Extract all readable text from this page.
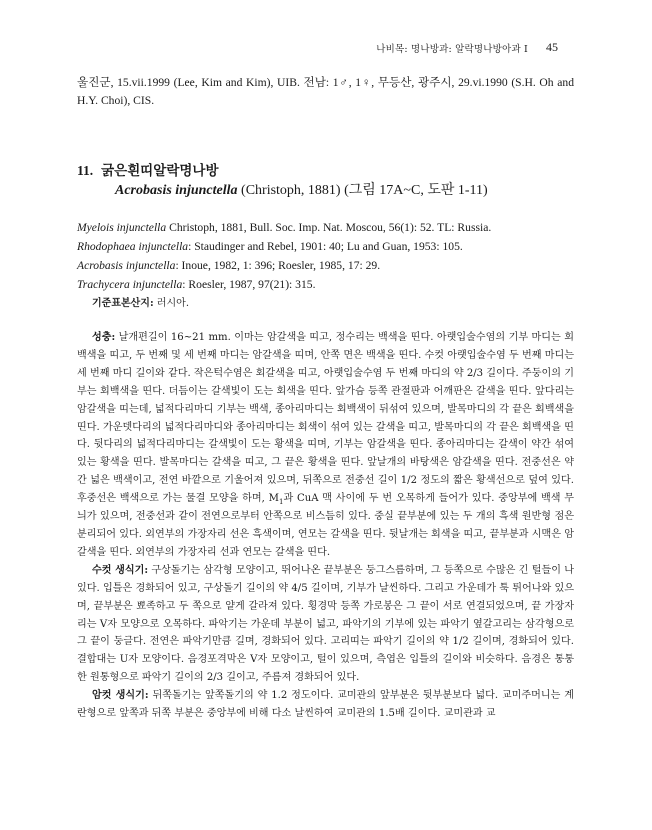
나비목: 명나방과: 알락명나방아과 I 45

울진군, 15.vii.1999 (Lee, Kim and Kim), UIB. 전남: 1♂, 1♀, 무등산, 광주시, 29.vi.1990 (S.H. Oh and H.Y. Choi), CIS.

11. 굵은흰띠알락명나방
Acrobasis injunctella (Christoph, 1881) (그림 17A~C, 도판 1-11)

Myelois injunctella Christoph, 1881, Bull. Soc. Imp. Nat. Moscou, 56(1): 52. TL: Russia.

Rhodophaea injunctella: Staudinger and Rebel, 1901: 40; Lu and Guan, 1953: 105.

Acrobasis injunctella: Inoue, 1982, 1: 396; Roesler, 1985, 17: 29.

Trachycera injunctella: Roesler, 1987, 97(21): 315.

기준표본산지: 러시아.

성충: 날개편길이 16~21 mm. 이마는 암갈색을 띠고, 정수리는 백색을 띤다. 아랫입술수염의 기부 마디는 회백색을 띠고, 두 번째 및 세 번째 마디는 암갈색을 띠며, 안쪽 면은 백색을 띤다. 수컷 아랫입술수염 두 번째 마디는 세 번째 마디 길이와 같다. 작은턱수염은 회갈색을 띠고, 아랫입술수염 두 번째 마디의 약 2/3 길이다. 주둥이의 기부는 회백색을 띤다. 더듬이는 갈색빛이 도는 회색을 띤다. 앞가슴 등쪽 관절판과 어깨판은 갈색을 띤다. 앞다리는 암갈색을 띠는데, 넓적다리마디 기부는 백색, 종아리마디는 회백색이 뒤섞여 있으며, 발목마디의 각 끝은 회백색을 띤다. 가운뎃다리의 넓적다리마디와 종아리마디는 회색이 섞여 있는 갈색을 띠고, 발목마디의 각 끝은 회백색을 띤다. 뒷다리의 넓적다리마디는 갈색빛이 도는 황색을 띠며, 기부는 암갈색을 띤다. 종아리마디는 갈색이 약간 섞여 있는 황색을 띤다. 발목마디는 갈색을 띠고, 그 끝은 황색을 띤다. 앞날개의 바탕색은 암갈색을 띤다. 전중선은 약간 넓은 백색이고, 전연 바깥으로 기울어져 있으며, 뒤쪽으로 전중선 길이 1/2 정도의 짧은 황색선으로 덮여 있다. 후중선은 백색으로 가는 물결 모양을 하며, $M_1$과 CuA 맥 사이에 두 번 오목하게 들어가 있다. 중앙부에 백색 무늬가 있으며, 전중선과 같이 전연으로부터 안쪽으로 비스듬히 있다. 중실 끝부분에 있는 두 개의 흑색 원반형 점은 분리되어 있다. 외연부의 가장자리 선은 흑색이며, 연모는 갈색을 띤다. 뒷날개는 회색을 띠고, 끝부분과 시맥은 암갈색을 띤다. 외연부의 가장자리 선과 연모는 갈색을 띤다.

수컷 생식기: 구상돌기는 삼각형 모양이고, 뛰어나온 끝부분은 둥그스름하며, 그 등쪽으로 수많은 긴 털들이 나 있다. 입틀은 경화되어 있고, 구상돌기 길이의 약 4/5 길이며, 기부가 날씬하다. 그리고 가운데가 툭 튀어나와 있으며, 끝부분은 뾰족하고 두 쪽으로 얕게 갈라져 있다. 횡경막 등쪽 가로봉은 그 끝이 서로 연결되었으며, 끝 가장자리는 V자 모양으로 오목하다. 파악기는 가운데 부분이 넓고, 파악기의 기부에 있는 파악기 옆갈고리는 삼각형으로 그 끝이 둥글다. 전연은 파악기만큼 길며, 경화되어 있다. 고리띠는 파악기 길이의 약 1/2 길이며, 경화되어 있다. 결합대는 U자 모양이다. 음경포격막은 V자 모양이고, 털이 있으며, 측엽은 입틀의 길이와 비슷하다. 음경은 통통한 원통형으로 파악기 길이의 2/3 길이고, 주름져 경화되어 있다.

암컷 생식기: 뒤쪽돌기는 앞쪽돌기의 약 1.2 정도이다. 교미관의 앞부분은 뒷부분보다 넓다. 교미주머니는 계란형으로 앞쪽과 뒤쪽 부분은 중앙부에 비해 다소 날씬하여 교미관의 1.5배 길이다. 교미관과 교
